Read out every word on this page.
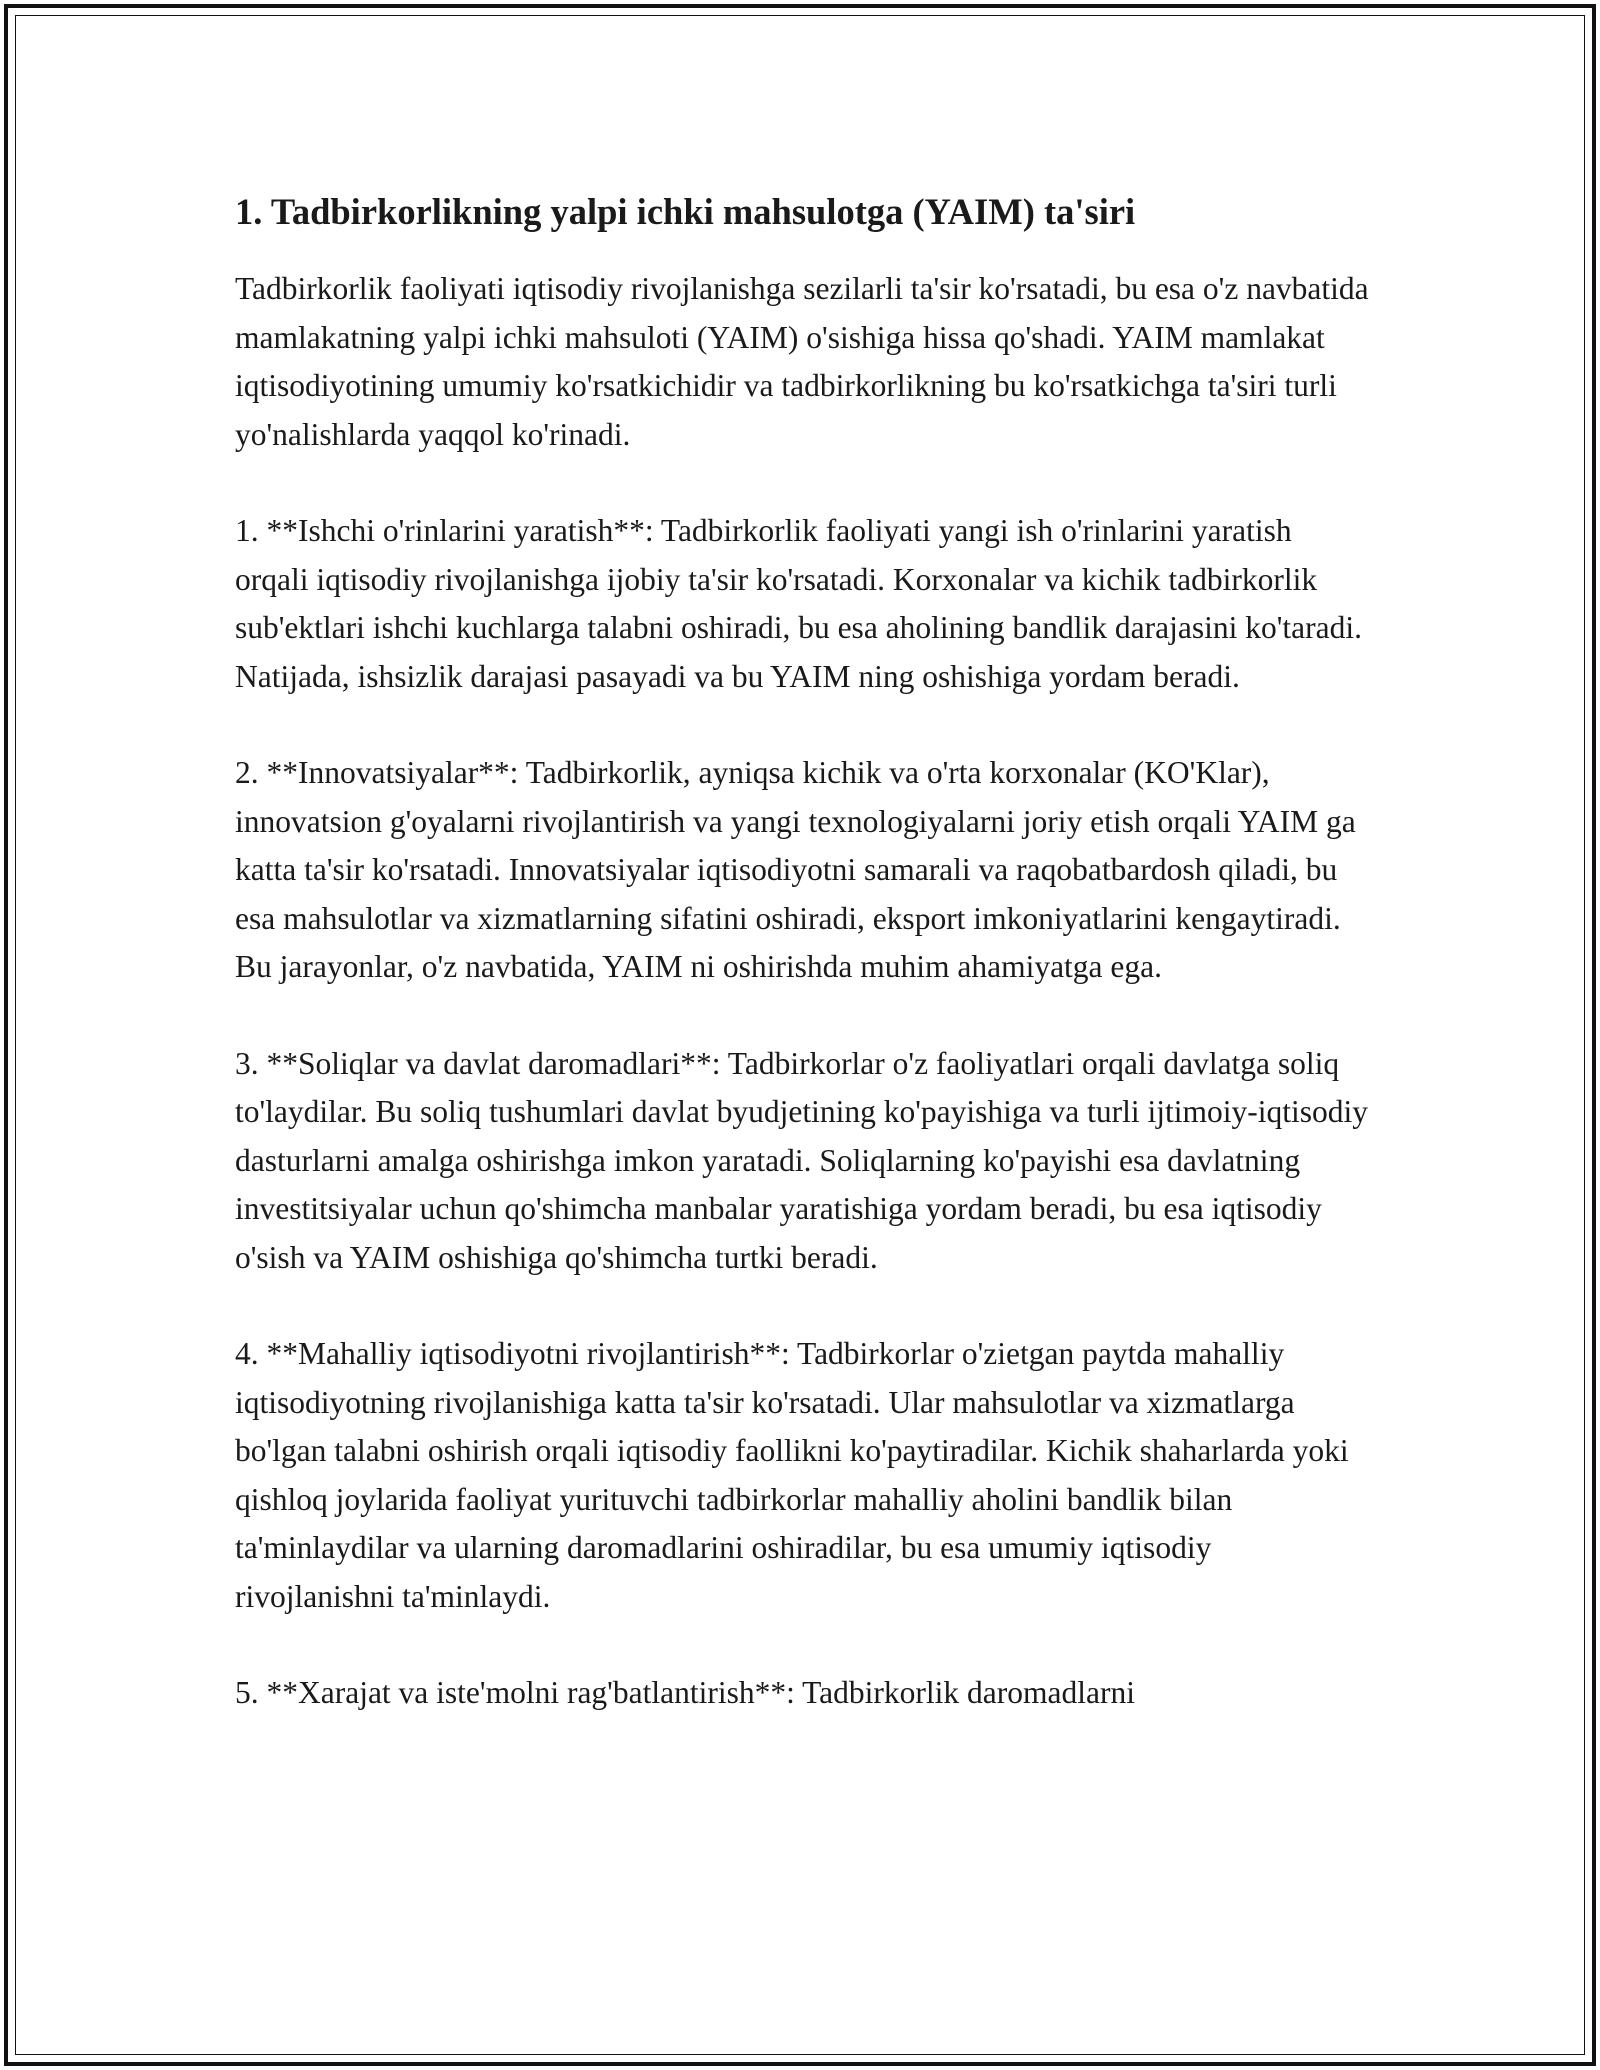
1. Tadbirkorlikning yalpi ichki mahsulotga (YAIM) ta'siri

Tadbirkorlik faoliyati iqtisodiy rivojlanishga sezilarli ta'sir ko'rsatadi, bu esa o'z navbatida mamlakatning yalpi ichki mahsuloti (YAIM) o'sishiga hissa qo'shadi. YAIM mamlakat iqtisodiyotining umumiy ko'rsatkichidir va tadbirkorlikning bu ko'rsatkichga ta'siri turli yo'nalishlarda yaqqol ko'rinadi.

1. **Ishchi o'rinlarini yaratish**: Tadbirkorlik faoliyati yangi ish o'rinlarini yaratish orqali iqtisodiy rivojlanishga ijobiy ta'sir ko'rsatadi. Korxonalar va kichik tadbirkorlik sub'ektlari ishchi kuchlarga talabni oshiradi, bu esa aholining bandlik darajasini ko'taradi. Natijada, ishsizlik darajasi pasayadi va bu YAIM ning oshishiga yordam beradi.

2. **Innovatsiyalar**: Tadbirkorlik, ayniqsa kichik va o'rta korxonalar (KO'Klar), innovatsion g'oyalarni rivojlantirish va yangi texnologiyalarni joriy etish orqali YAIM ga katta ta'sir ko'rsatadi. Innovatsiyalar iqtisodiyotni samarali va raqobatbardosh qiladi, bu esa mahsulotlar va xizmatlarning sifatini oshiradi, eksport imkoniyatlarini kengaytiradi. Bu jarayonlar, o'z navbatida, YAIM ni oshirishda muhim ahamiyatga ega.

3. **Soliqlar va davlat daromadlari**: Tadbirkorlar o'z faoliyatlari orqali davlatga soliq to'laydilar. Bu soliq tushumlari davlat byudjetining ko'payishiga va turli ijtimoiy-iqtisodiy dasturlarni amalga oshirishga imkon yaratadi. Soliqlarning ko'payishi esa davlatning investitsiyalar uchun qo'shimcha manbalar yaratishiga yordam beradi, bu esa iqtisodiy o'sish va YAIM oshishiga qo'shimcha turtki beradi.

4. **Mahalliy iqtisodiyotni rivojlantirish**: Tadbirkorlar o'zietgan paytda mahalliy iqtisodiyotning rivojlanishiga katta ta'sir ko'rsatadi. Ular mahsulotlar va xizmatlarga bo'lgan talabni oshirish orqali iqtisodiy faollikni ko'paytiradilar. Kichik shaharlarda yoki qishloq joylarida faoliyat yurituvchi tadbirkorlar mahalliy aholini bandlik bilan ta'minlaydilar va ularning daromadlarini oshiradilar, bu esa umumiy iqtisodiy rivojlanishni ta'minlaydi.

5. **Xarajat va iste'molni rag'batlantirish**: Tadbirkorlik daromadlarni
